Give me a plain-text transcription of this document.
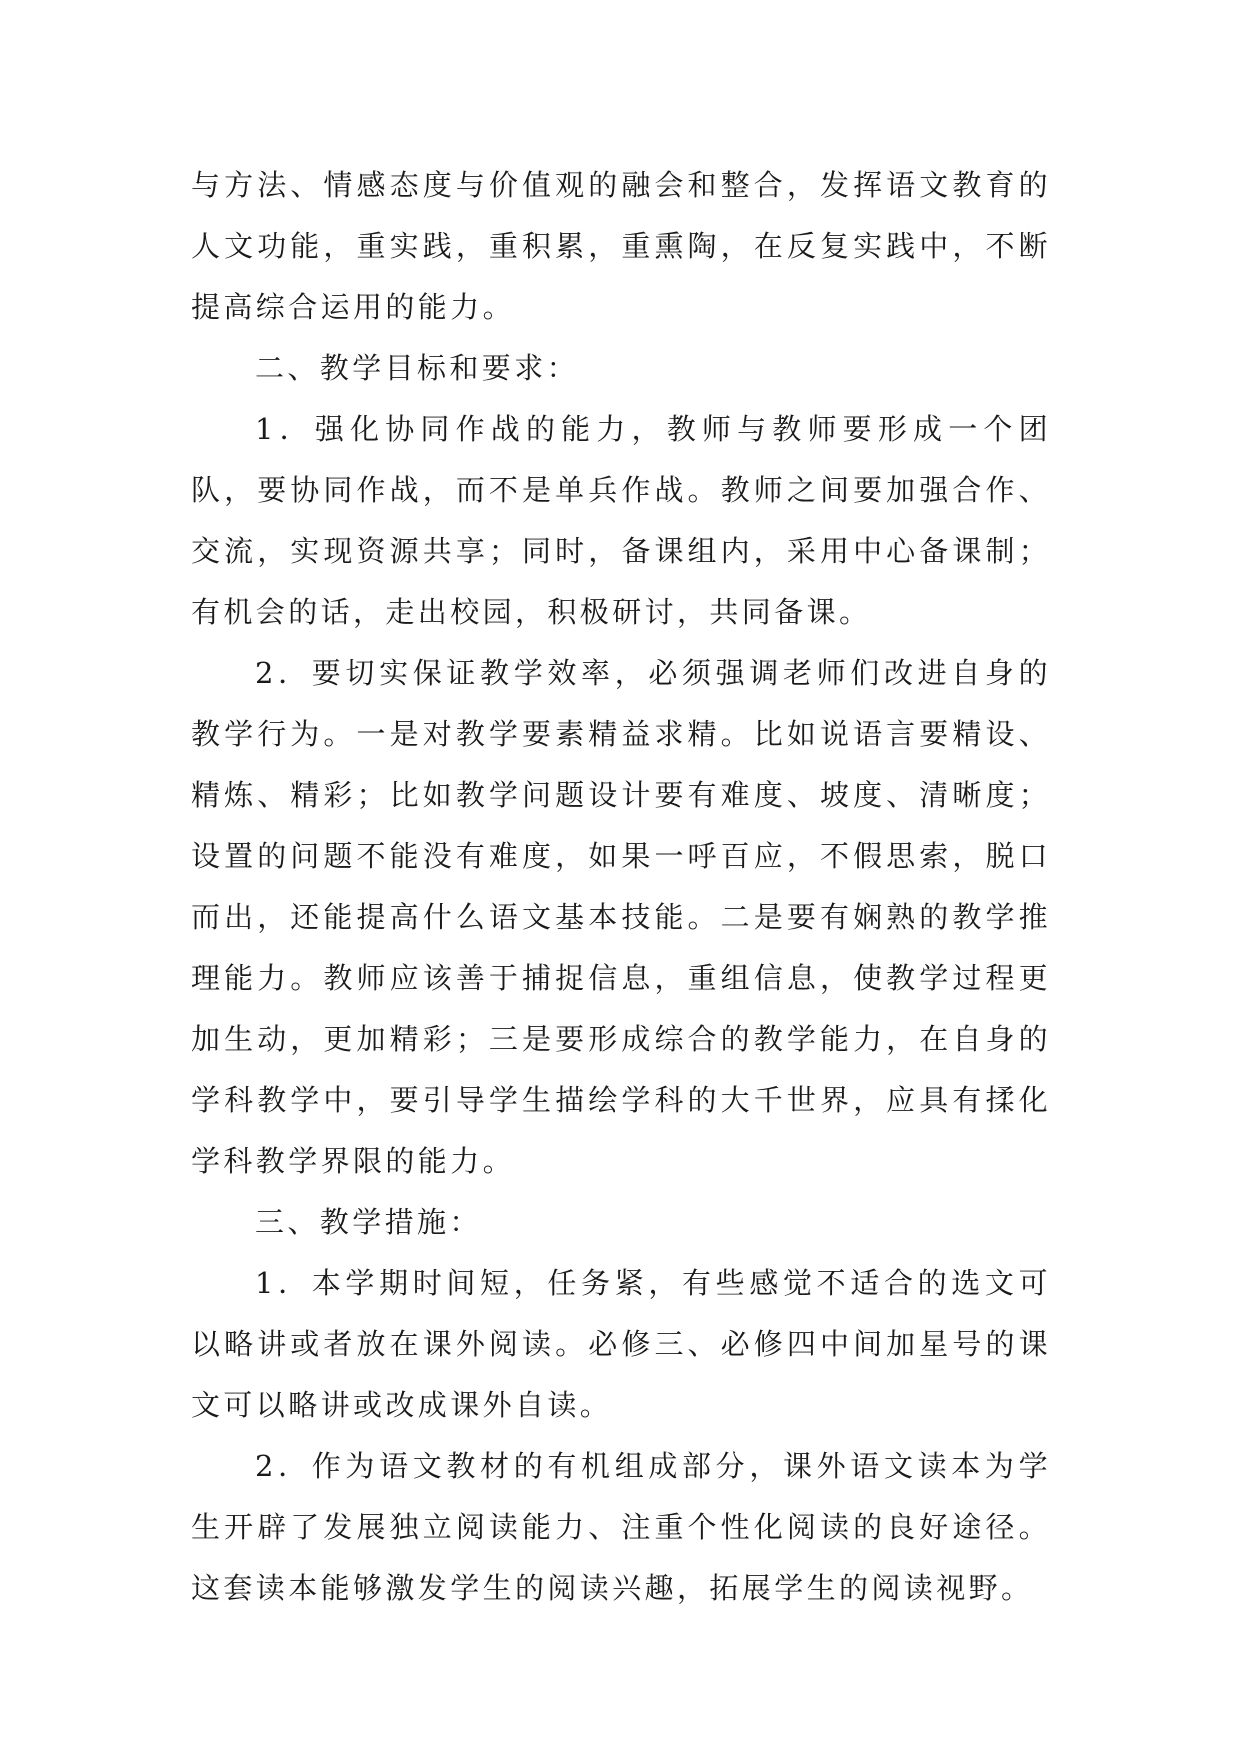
与方法、情感态度与价值观的融会和整合，发挥语文教育的人文功能，重实践，重积累，重熏陶，在反复实践中，不断提高综合运用的能力。

二、教学目标和要求：

1．强化协同作战的能力，教师与教师要形成一个团队，要协同作战，而不是单兵作战。教师之间要加强合作、交流，实现资源共享；同时，备课组内，采用中心备课制；有机会的话，走出校园，积极研讨，共同备课。

2．要切实保证教学效率，必须强调老师们改进自身的教学行为。一是对教学要素精益求精。比如说语言要精设、精炼、精彩；比如教学问题设计要有难度、坡度、清晰度；设置的问题不能没有难度，如果一呼百应，不假思索，脱口而出，还能提高什么语文基本技能。二是要有娴熟的教学推理能力。教师应该善于捕捉信息，重组信息，使教学过程更加生动，更加精彩；三是要形成综合的教学能力，在自身的学科教学中，要引导学生描绘学科的大千世界，应具有揉化学科教学界限的能力。

三、教学措施：

1．本学期时间短，任务紧，有些感觉不适合的选文可以略讲或者放在课外阅读。必修三、必修四中间加星号的课文可以略讲或改成课外自读。

2．作为语文教材的有机组成部分，课外语文读本为学生开辟了发展独立阅读能力、注重个性化阅读的良好途径。这套读本能够激发学生的阅读兴趣，拓展学生的阅读视野。
